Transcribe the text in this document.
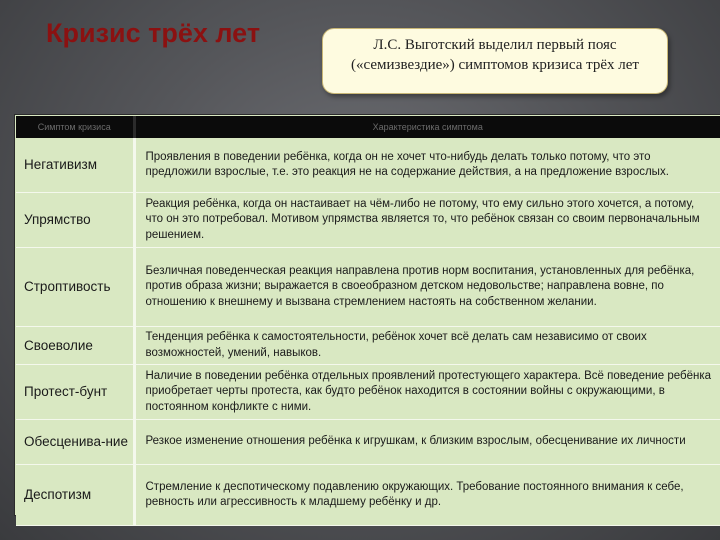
Кризис трёх лет	Л.С. Выготский выделил первый пояс («семизвездие») симптомов кризиса трёх лет
Симптом кризиса	Характеристика симптома
Негативизм	Проявления в поведении ребёнка, когда он не хочет что-нибудь делать только потому, что это предложили взрослые, т.е. это реакция не на содержание действия, а на предложение взрослых.
Упрямство	Реакция ребёнка, когда он настаивает на чём-либо не потому, что ему сильно этого хочется, а потому, что он это потребовал. Мотивом упрямства является то, что ребёнок связан со своим первоначальным решением.
Строптивость	Безличная поведенческая реакция направлена против норм воспитания, установленных для ребёнка, против образа жизни; выражается в своеобразном детском недовольстве; направлена вовне, по отношению к внешнему и вызвана стремлением настоять на собственном желании.
Своеволие	Тенденция ребёнка к самостоятельности, ребёнок хочет всё делать сам независимо от своих возможностей, умений, навыков.
Протест-бунт	Наличие в поведении ребёнка отдельных проявлений протестующего характера. Всё поведение ребёнка приобретает черты протеста, как будто ребёнок находится в состоянии войны с окружающими, в постоянном конфликте с ними.
Обесценива-ние	Резкое изменение отношения ребёнка к игрушкам, к близким взрослым, обесценивание их личности
Деспотизм	Стремление к деспотическому подавлению окружающих. Требование постоянного внимания к себе, ревность или агрессивность к младшему ребёнку и др.
